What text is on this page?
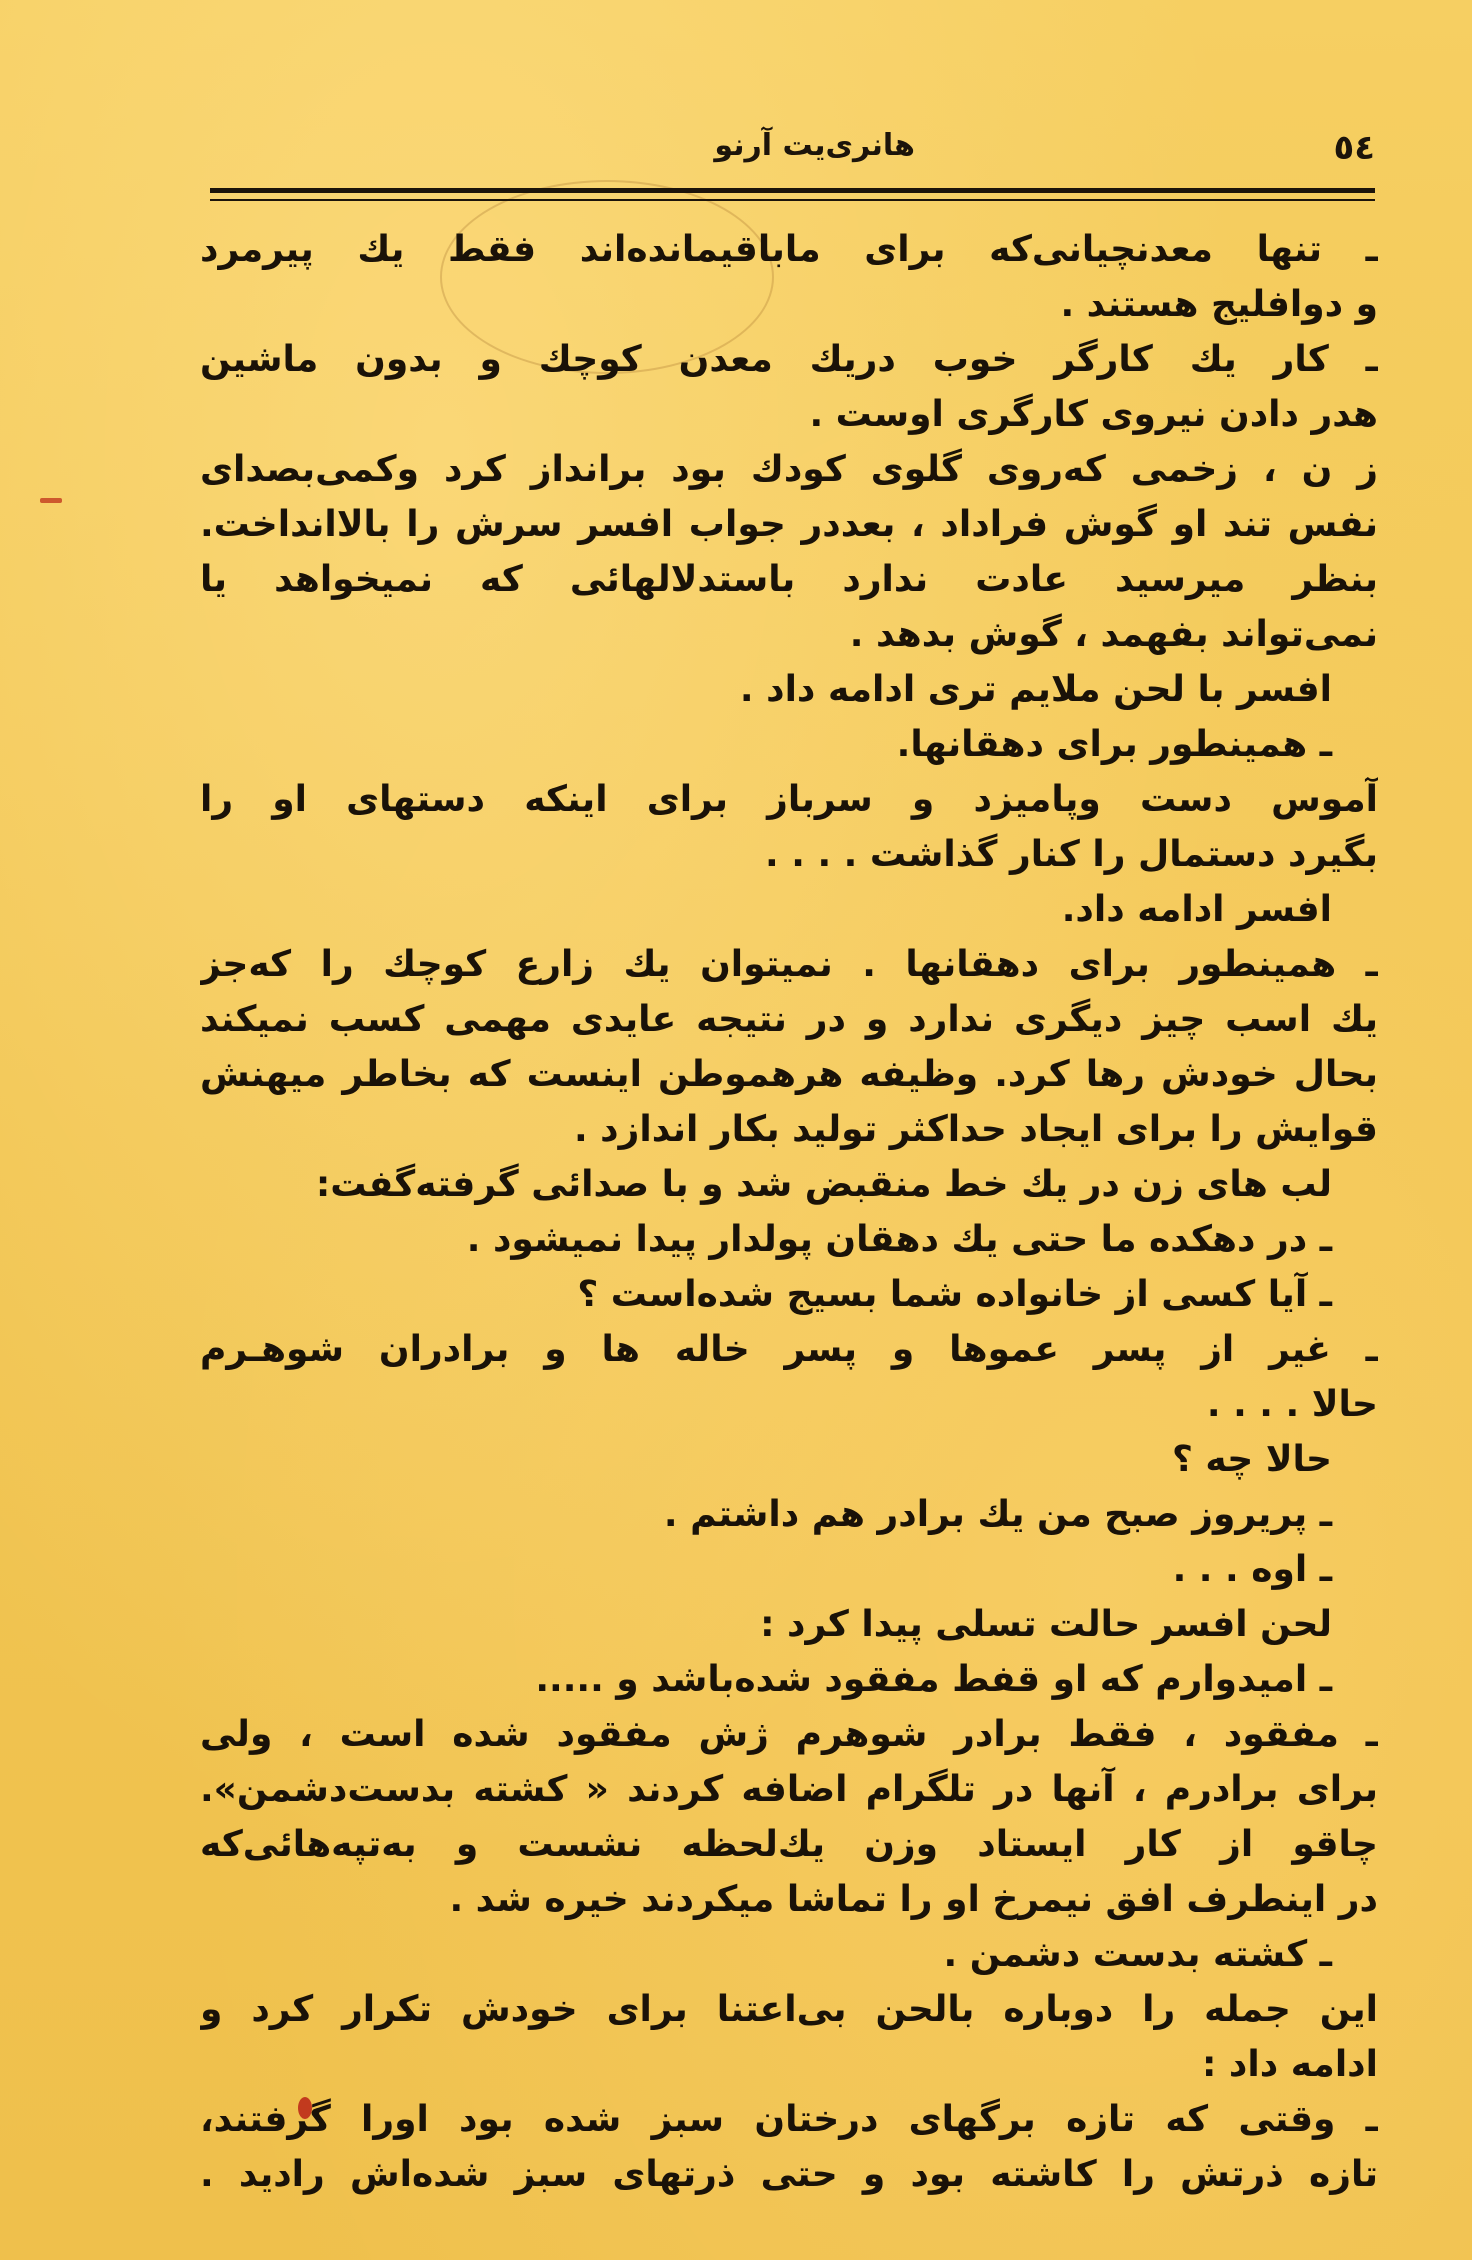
٥٤
هانری‌یت آرنو
ـ تنها معدنچیانی‌که برای ماباقیمانده‌اند فقط یك پیرمرد
و دوافلیج هستند .
ـ کار یك کارگر خوب دریك معدن کوچك و بدون ماشین
هدر دادن نیروی کارگری اوست .
ز ن ، زخمی که‌روی گلوی کودك بود برانداز کرد وکمی‌بصدای
نفس تند او گوش فراداد ، بعددر جواب افسر سرش را بالاانداخت.
بنظر میرسید عادت ندارد باستدلالهائی که نمیخواهد یا
نمی‌تواند بفهمد ، گوش بدهد .
افسر با لحن ملایم تری ادامه داد .
ـ همینطور برای دهقانها.
آموس دست وپامیزد و سرباز برای اینکه دستهای او را
بگیرد دستمال را کنار گذاشت . . . .
افسر ادامه داد.
ـ همینطور برای دهقانها . نمیتوان یك زارع کوچك را که‌جز
یك اسب چیز دیگری ندارد و در نتیجه عایدی مهمی کسب نمیکند
بحال خودش رها کرد. وظیفه هرهموطن اینست که بخاطر میهنش
قوایش را برای ایجاد حداکثر تولید بکار اندازد .
لب های زن در یك خط منقبض شد و با صدائی گرفته‌گفت:
ـ در دهکده ما حتی یك دهقان پولدار پیدا نمیشود .
ـ آیا کسی از خانواده شما بسیج شده‌است ؟
ـ غیر از پسر عموها و پسر خاله ها و برادران شوهـرم
حالا . . . .
حالا چه ؟
ـ پریروز صبح من یك برادر هم داشتم .
ـ اوه . . .
لحن افسر حالت تسلی پیدا کرد :
ـ امیدوارم که او قفط مفقود شده‌باشد و .....
ـ مفقود ، فقط برادر شوهرم ژش مفقود شده است ، ولی
برای برادرم ، آنها در تلگرام اضافه کردند « کشته بدست‌دشمن».
چاقو از کار ایستاد وزن یك‌لحظه نشست و به‌تپه‌هائی‌که
در اینطرف افق نیمرخ او را تماشا میکردند خیره شد .
ـ کشته بدست دشمن .
این جمله را دوباره بالحن بی‌اعتنا برای خودش تکرار کرد و
ادامه داد :
ـ وقتی که تازه برگهای درختان سبز شده بود اورا گرفتند،
تازه ذرتش را کاشته بود و حتی ذرتهای سبز شده‌اش رادید .
